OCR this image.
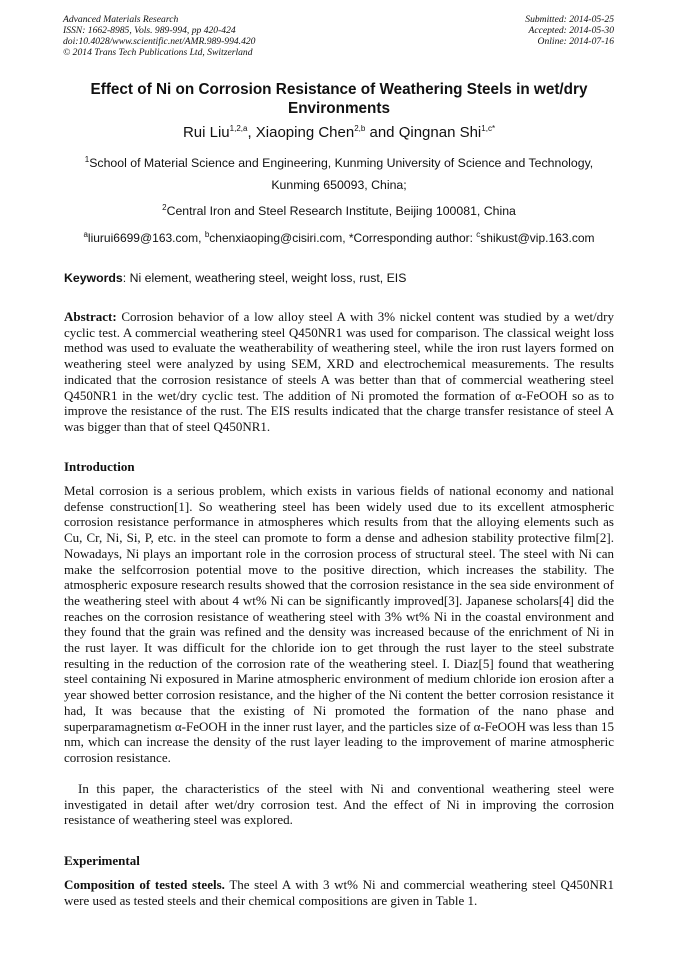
Advanced Materials Research
ISSN: 1662-8985, Vols. 989-994, pp 420-424
doi:10.4028/www.scientific.net/AMR.989-994.420
© 2014 Trans Tech Publications Ltd, Switzerland
Submitted: 2014-05-25
Accepted: 2014-05-30
Online: 2014-07-16
Effect of Ni on Corrosion Resistance of Weathering Steels in wet/dry Environments
Rui Liu$^{1,2,a}$, Xiaoping Chen$^{2,b}$ and Qingnan Shi$^{1,c*}$
$^1$School of Material Science and Engineering, Kunming University of Science and Technology,
Kunming 650093, China;
$^2$Central Iron and Steel Research Institute, Beijing 100081, China
$^a$liurui6699@163.com, $^b$chenxiaoping@cisiri.com, *Corresponding author: $^c$shikust@vip.163.com
Keywords: Ni element, weathering steel, weight loss, rust, EIS
Abstract: Corrosion behavior of a low alloy steel A with 3% nickel content was studied by a wet/dry cyclic test. A commercial weathering steel Q450NR1 was used for comparison. The classical weight loss method was used to evaluate the weatherability of weathering steel, while the iron rust layers formed on weathering steel were analyzed by using SEM, XRD and electrochemical measurements. The results indicated that the corrosion resistance of steels A was better than that of commercial weathering steel Q450NR1 in the wet/dry cyclic test. The addition of Ni promoted the formation of α-FeOOH so as to improve the resistance of the rust. The EIS results indicated that the charge transfer resistance of steel A was bigger than that of steel Q450NR1.
Introduction
Metal corrosion is a serious problem, which exists in various fields of national economy and national defense construction[1]. So weathering steel has been widely used due to its excellent atmospheric corrosion resistance performance in atmospheres which results from that the alloying elements such as Cu, Cr, Ni, Si, P, etc. in the steel can promote to form a dense and adhesion stability protective film[2]. Nowadays, Ni plays an important role in the corrosion process of structural steel. The steel with Ni can make the selfcorrosion potential move to the positive direction, which increases the stability. The atmospheric exposure research results showed that the corrosion resistance in the sea side environment of the weathering steel with about 4 wt% Ni can be significantly improved[3]. Japanese scholars[4] did the reaches on the corrosion resistance of weathering steel with 3% wt% Ni in the coastal environment and they found that the grain was refined and the density was increased because of the enrichment of Ni in the rust layer. It was difficult for the chloride ion to get through the rust layer to the steel substrate resulting in the reduction of the corrosion rate of the weathering steel. I. Diaz[5] found that weathering steel containing Ni exposured in Marine atmospheric environment of medium chloride ion erosion after a year showed better corrosion resistance, and the higher of the Ni content the better corrosion resistance it had, It was because that the existing of Ni promoted the formation of the nano phase and superparamagnetism α-FeOOH in the inner rust layer, and the particles size of α-FeOOH was less than 15 nm, which can increase the density of the rust layer leading to the improvement of marine atmospheric corrosion resistance.
In this paper, the characteristics of the steel with Ni and conventional weathering steel were investigated in detail after wet/dry corrosion test. And the effect of Ni in improving the corrosion resistance of weathering steel was explored.
Experimental
Composition of tested steels. The steel A with 3 wt% Ni and commercial weathering steel Q450NR1 were used as tested steels and their chemical compositions are given in Table 1.
